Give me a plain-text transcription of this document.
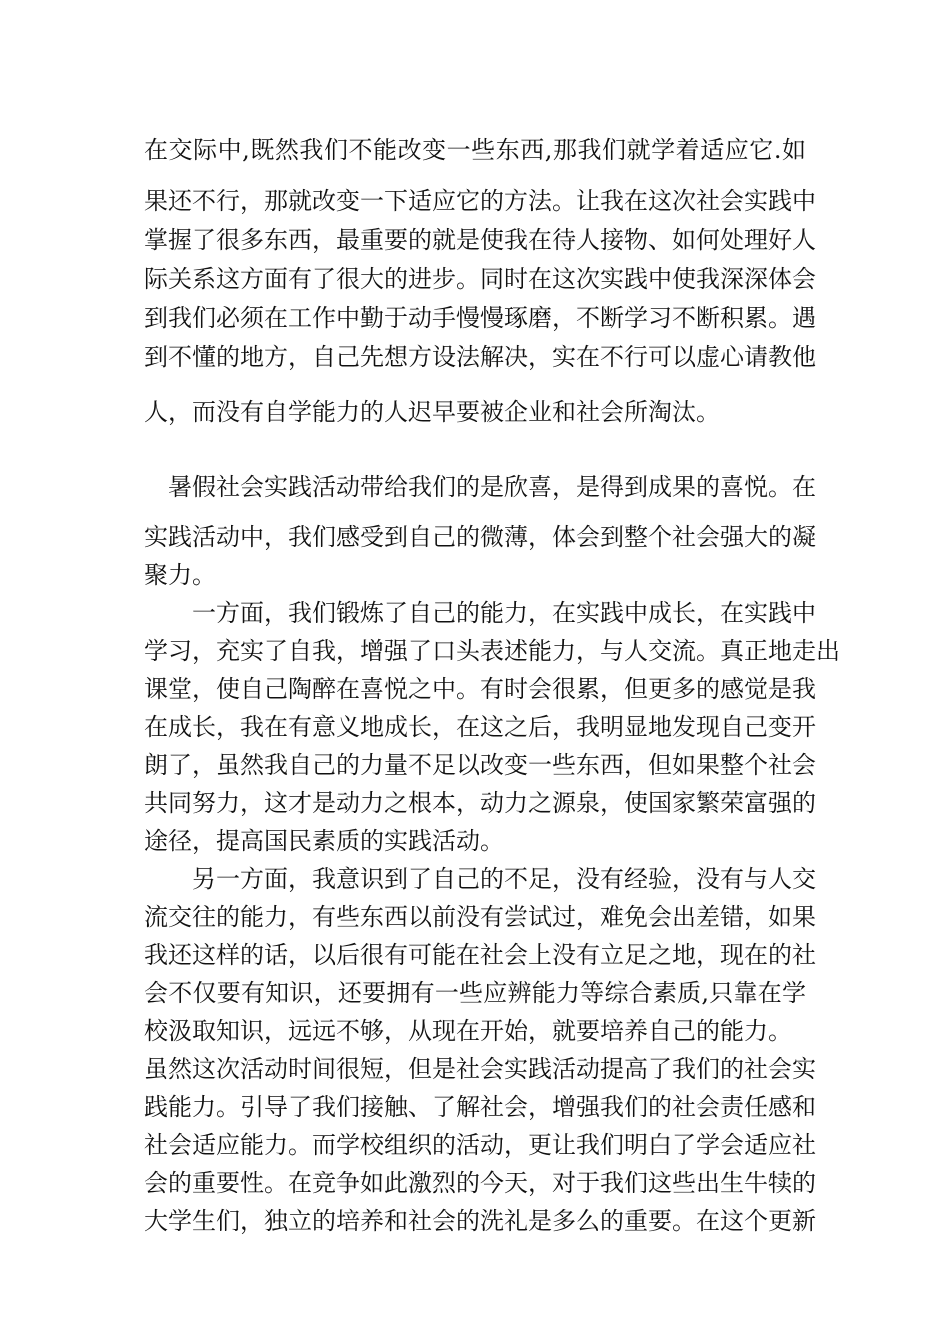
在交际中,既然我们不能改变一些东西,那我们就学着适应它.如
果还不行，那就改变一下适应它的方法。让我在这次社会实践中
掌握了很多东西，最重要的就是使我在待人接物、如何处理好人
际关系这方面有了很大的进步。同时在这次实践中使我深深体会
到我们必须在工作中勤于动手慢慢琢磨，不断学习不断积累。遇
到不懂的地方，自己先想方设法解决，实在不行可以虚心请教他
人，而没有自学能力的人迟早要被企业和社会所淘汰。
暑假社会实践活动带给我们的是欣喜，是得到成果的喜悦。在
实践活动中，我们感受到自己的微薄，体会到整个社会强大的凝
聚力。
一方面，我们锻炼了自己的能力，在实践中成长，在实践中
学习，充实了自我，增强了口头表述能力，与人交流。真正地走出
课堂，使自己陶醉在喜悦之中。有时会很累，但更多的感觉是我
在成长，我在有意义地成长，在这之后，我明显地发现自己变开
朗了，虽然我自己的力量不足以改变一些东西，但如果整个社会
共同努力，这才是动力之根本，动力之源泉，使国家繁荣富强的
途径，提高国民素质的实践活动。
另一方面，我意识到了自己的不足，没有经验，没有与人交
流交往的能力，有些东西以前没有尝试过，难免会出差错，如果
我还这样的话，以后很有可能在社会上没有立足之地，现在的社
会不仅要有知识，还要拥有一些应辨能力等综合素质,只靠在学
校汲取知识，远远不够，从现在开始，就要培养自己的能力。
虽然这次活动时间很短，但是社会实践活动提高了我们的社会实
践能力。引导了我们接触、了解社会，增强我们的社会责任感和
社会适应能力。而学校组织的活动，更让我们明白了学会适应社
会的重要性。在竞争如此激烈的今天，对于我们这些出生牛犊的
大学生们，独立的培养和社会的洗礼是多么的重要。在这个更新
